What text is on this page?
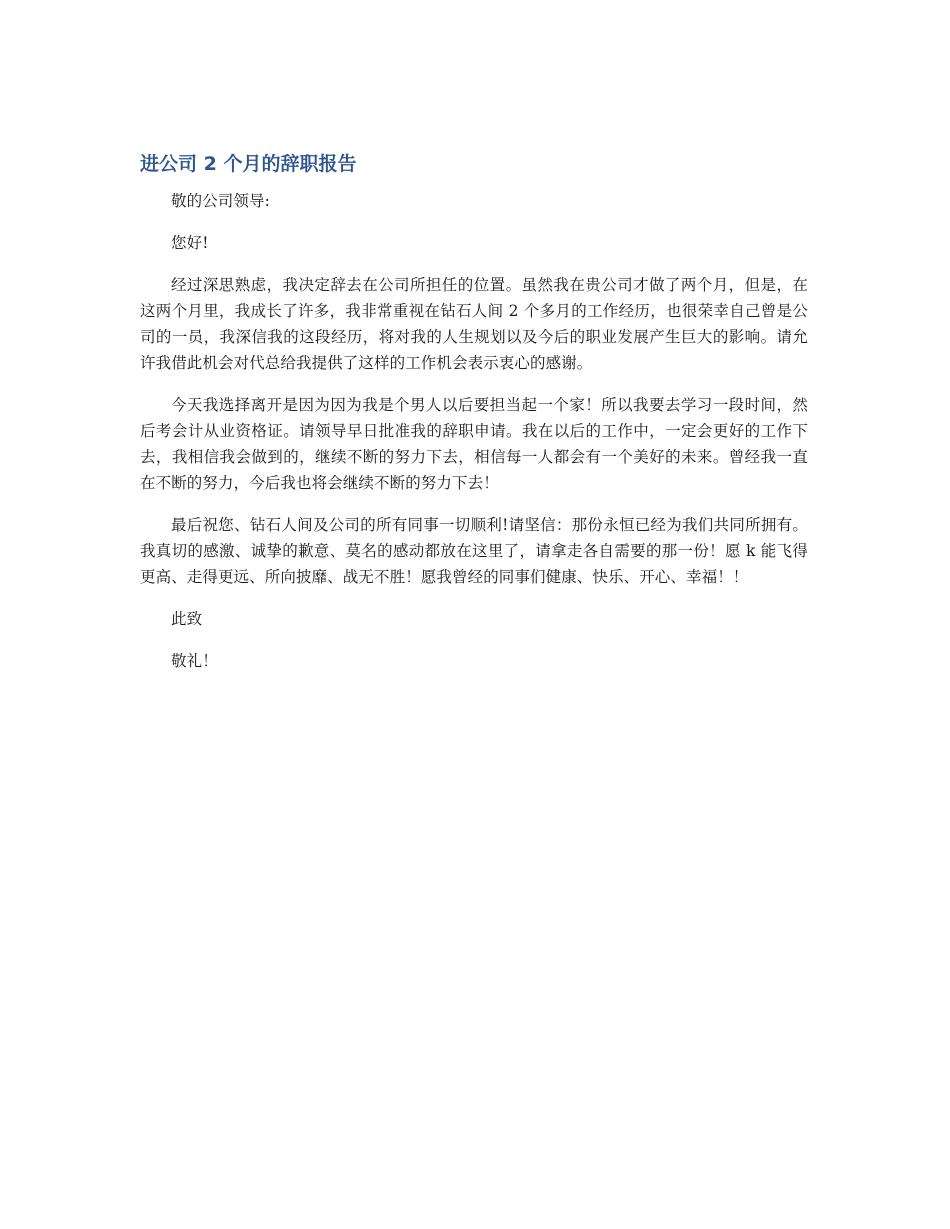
进公司 2 个月的辞职报告

敬的公司领导:

您好!

经过深思熟虑，我决定辞去在公司所担任的位置。虽然我在贵公司才做了两个月，但是，在这两个月里，我成长了许多，我非常重视在钻石人间 2 个多月的工作经历，也很荣幸自己曾是公司的一员，我深信我的这段经历，将对我的人生规划以及今后的职业发展产生巨大的影响。请允许我借此机会对代总给我提供了这样的工作机会表示衷心的感谢。

今天我选择离开是因为因为我是个男人以后要担当起一个家！所以我要去学习一段时间，然后考会计从业资格证。请领导早日批准我的辞职申请。我在以后的工作中，一定会更好的工作下去，我相信我会做到的，继续不断的努力下去，相信每一人都会有一个美好的未来。曾经我一直在不断的努力，今后我也将会继续不断的努力下去！

最后祝您、钻石人间及公司的所有同事一切顺利!请坚信：那份永恒已经为我们共同所拥有。我真切的感激、诚挚的歉意、莫名的感动都放在这里了，请拿走各自需要的那一份！愿 k 能飞得更高、走得更远、所向披靡、战无不胜！愿我曾经的同事们健康、快乐、开心、幸福！！

此致

敬礼！
